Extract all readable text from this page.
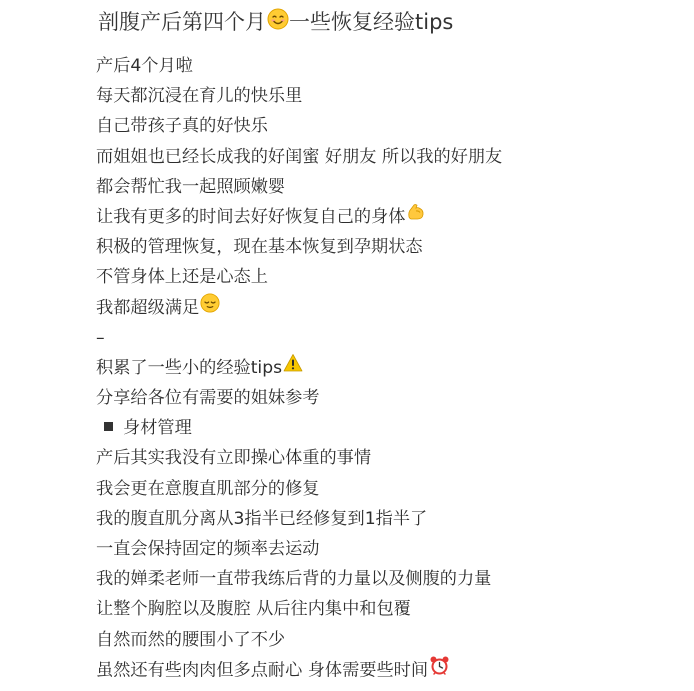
剖腹产后第四个月 一些恢复经验tips
产后4个月啦
每天都沉浸在育儿的快乐里
自己带孩子真的好快乐
而姐姐也已经长成我的好闺蜜 好朋友 所以我的好朋友
都会帮忙我一起照顾嫩婴
让我有更多的时间去好好恢复自己的身体
积极的管理恢复，现在基本恢复到孕期状态
不管身体上还是心态上
我都超级满足
–
积累了一些小的经验tips
分享给各位有需要的姐妹参考
身材管理
产后其实我没有立即操心体重的事情
我会更在意腹直肌部分的修复
我的腹直肌分离从3指半已经修复到1指半了
一直会保持固定的频率去运动
我的婵柔老师一直带我练后背的力量以及侧腹的力量
让整个胸腔以及腹腔 从后往内集中和包覆
自然而然的腰围小了不少
虽然还有些肉肉但多点耐心 身体需要些时间
